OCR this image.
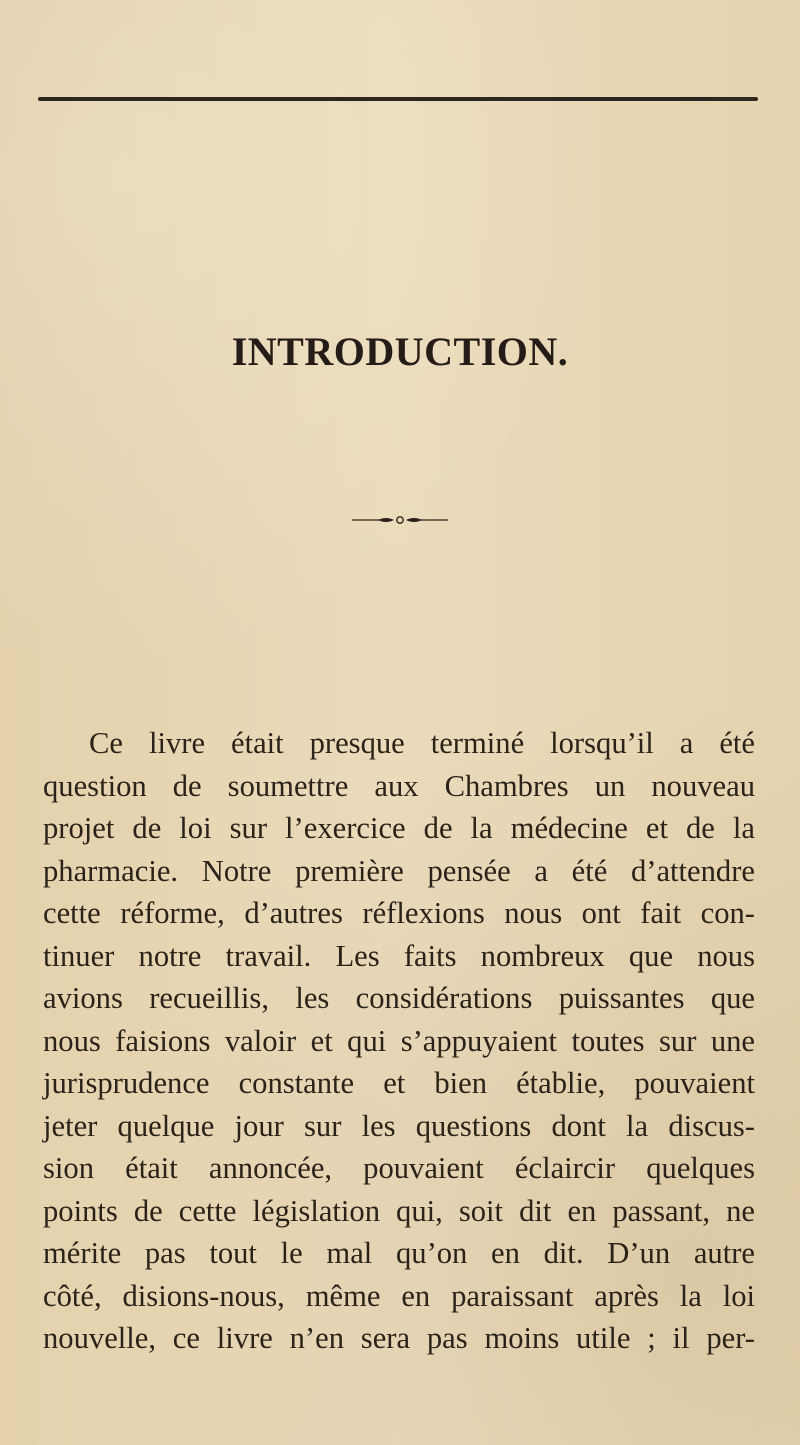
INTRODUCTION.
Ce livre était presque terminé lorsqu’il a été
question de soumettre aux Chambres un nouveau
projet de loi sur l’exercice de la médecine et de la
pharmacie. Notre première pensée a été d’attendre
cette réforme, d’autres réflexions nous ont fait con-
tinuer notre travail. Les faits nombreux que nous
avions recueillis, les considérations puissantes que
nous faisions valoir et qui s’appuyaient toutes sur une
jurisprudence constante et bien établie, pouvaient
jeter quelque jour sur les questions dont la discus-
sion était annoncée, pouvaient éclaircir quelques
points de cette législation qui, soit dit en passant, ne
mérite pas tout le mal qu’on en dit. D’un autre
côté, disions-nous, même en paraissant après la loi
nouvelle, ce livre n’en sera pas moins utile ; il per-
